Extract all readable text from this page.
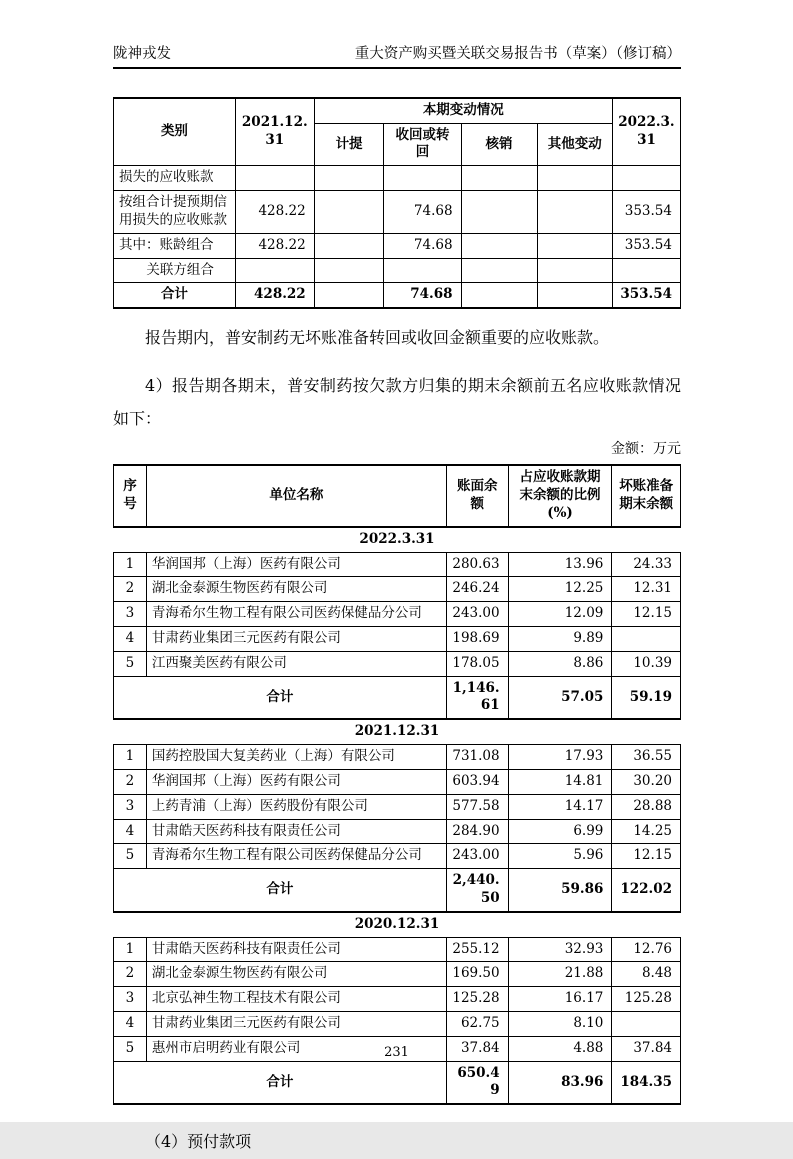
陇神戎发	重大资产购买暨关联交易报告书（草案）（修订稿）
类别	2021.12.31	本期变动情况				2022.3.31
		计提	收回或转回	核销	其他变动	
损失的应收账款						
按组合计提预期信用损失的应收账款	428.22		74.68			353.54
其中：账龄组合	428.22		74.68			353.54
关联方组合						
合计	428.22		74.68			353.54

报告期内，普安制药无坏账准备转回或收回金额重要的应收账款。

4）报告期各期末，普安制药按欠款方归集的期末余额前五名应收账款情况如下：

金额：万元
序号	单位名称	账面余额	占应收账款期末余额的比例(%)	坏账准备期末余额
2022.3.31				
1	华润国邦（上海）医药有限公司	280.63	13.96	24.33
2	湖北金泰源生物医药有限公司	246.24	12.25	12.31
3	青海希尔生物工程有限公司医药保健品分公司	243.00	12.09	12.15
4	甘肃药业集团三元医药有限公司	198.69	9.89	
5	江西聚美医药有限公司	178.05	8.86	10.39
合计		1,146.61	57.05	59.19
2021.12.31				
1	国药控股国大复美药业（上海）有限公司	731.08	17.93	36.55
2	华润国邦（上海）医药有限公司	603.94	14.81	30.20
3	上药青浦（上海）医药股份有限公司	577.58	14.17	28.88
4	甘肃皓天医药科技有限责任公司	284.90	6.99	14.25
5	青海希尔生物工程有限公司医药保健品分公司	243.00	5.96	12.15
合计		2,440.50	59.86	122.02
2020.12.31				
1	甘肃皓天医药科技有限责任公司	255.12	32.93	12.76
2	湖北金泰源生物医药有限公司	169.50	21.88	8.48
3	北京弘神生物工程技术有限公司	125.28	16.17	125.28
4	甘肃药业集团三元医药有限公司	62.75	8.10	
5	惠州市启明药业有限公司	37.84	4.88	37.84
合计		650.49	83.96	184.35

（4）预付款项

231
